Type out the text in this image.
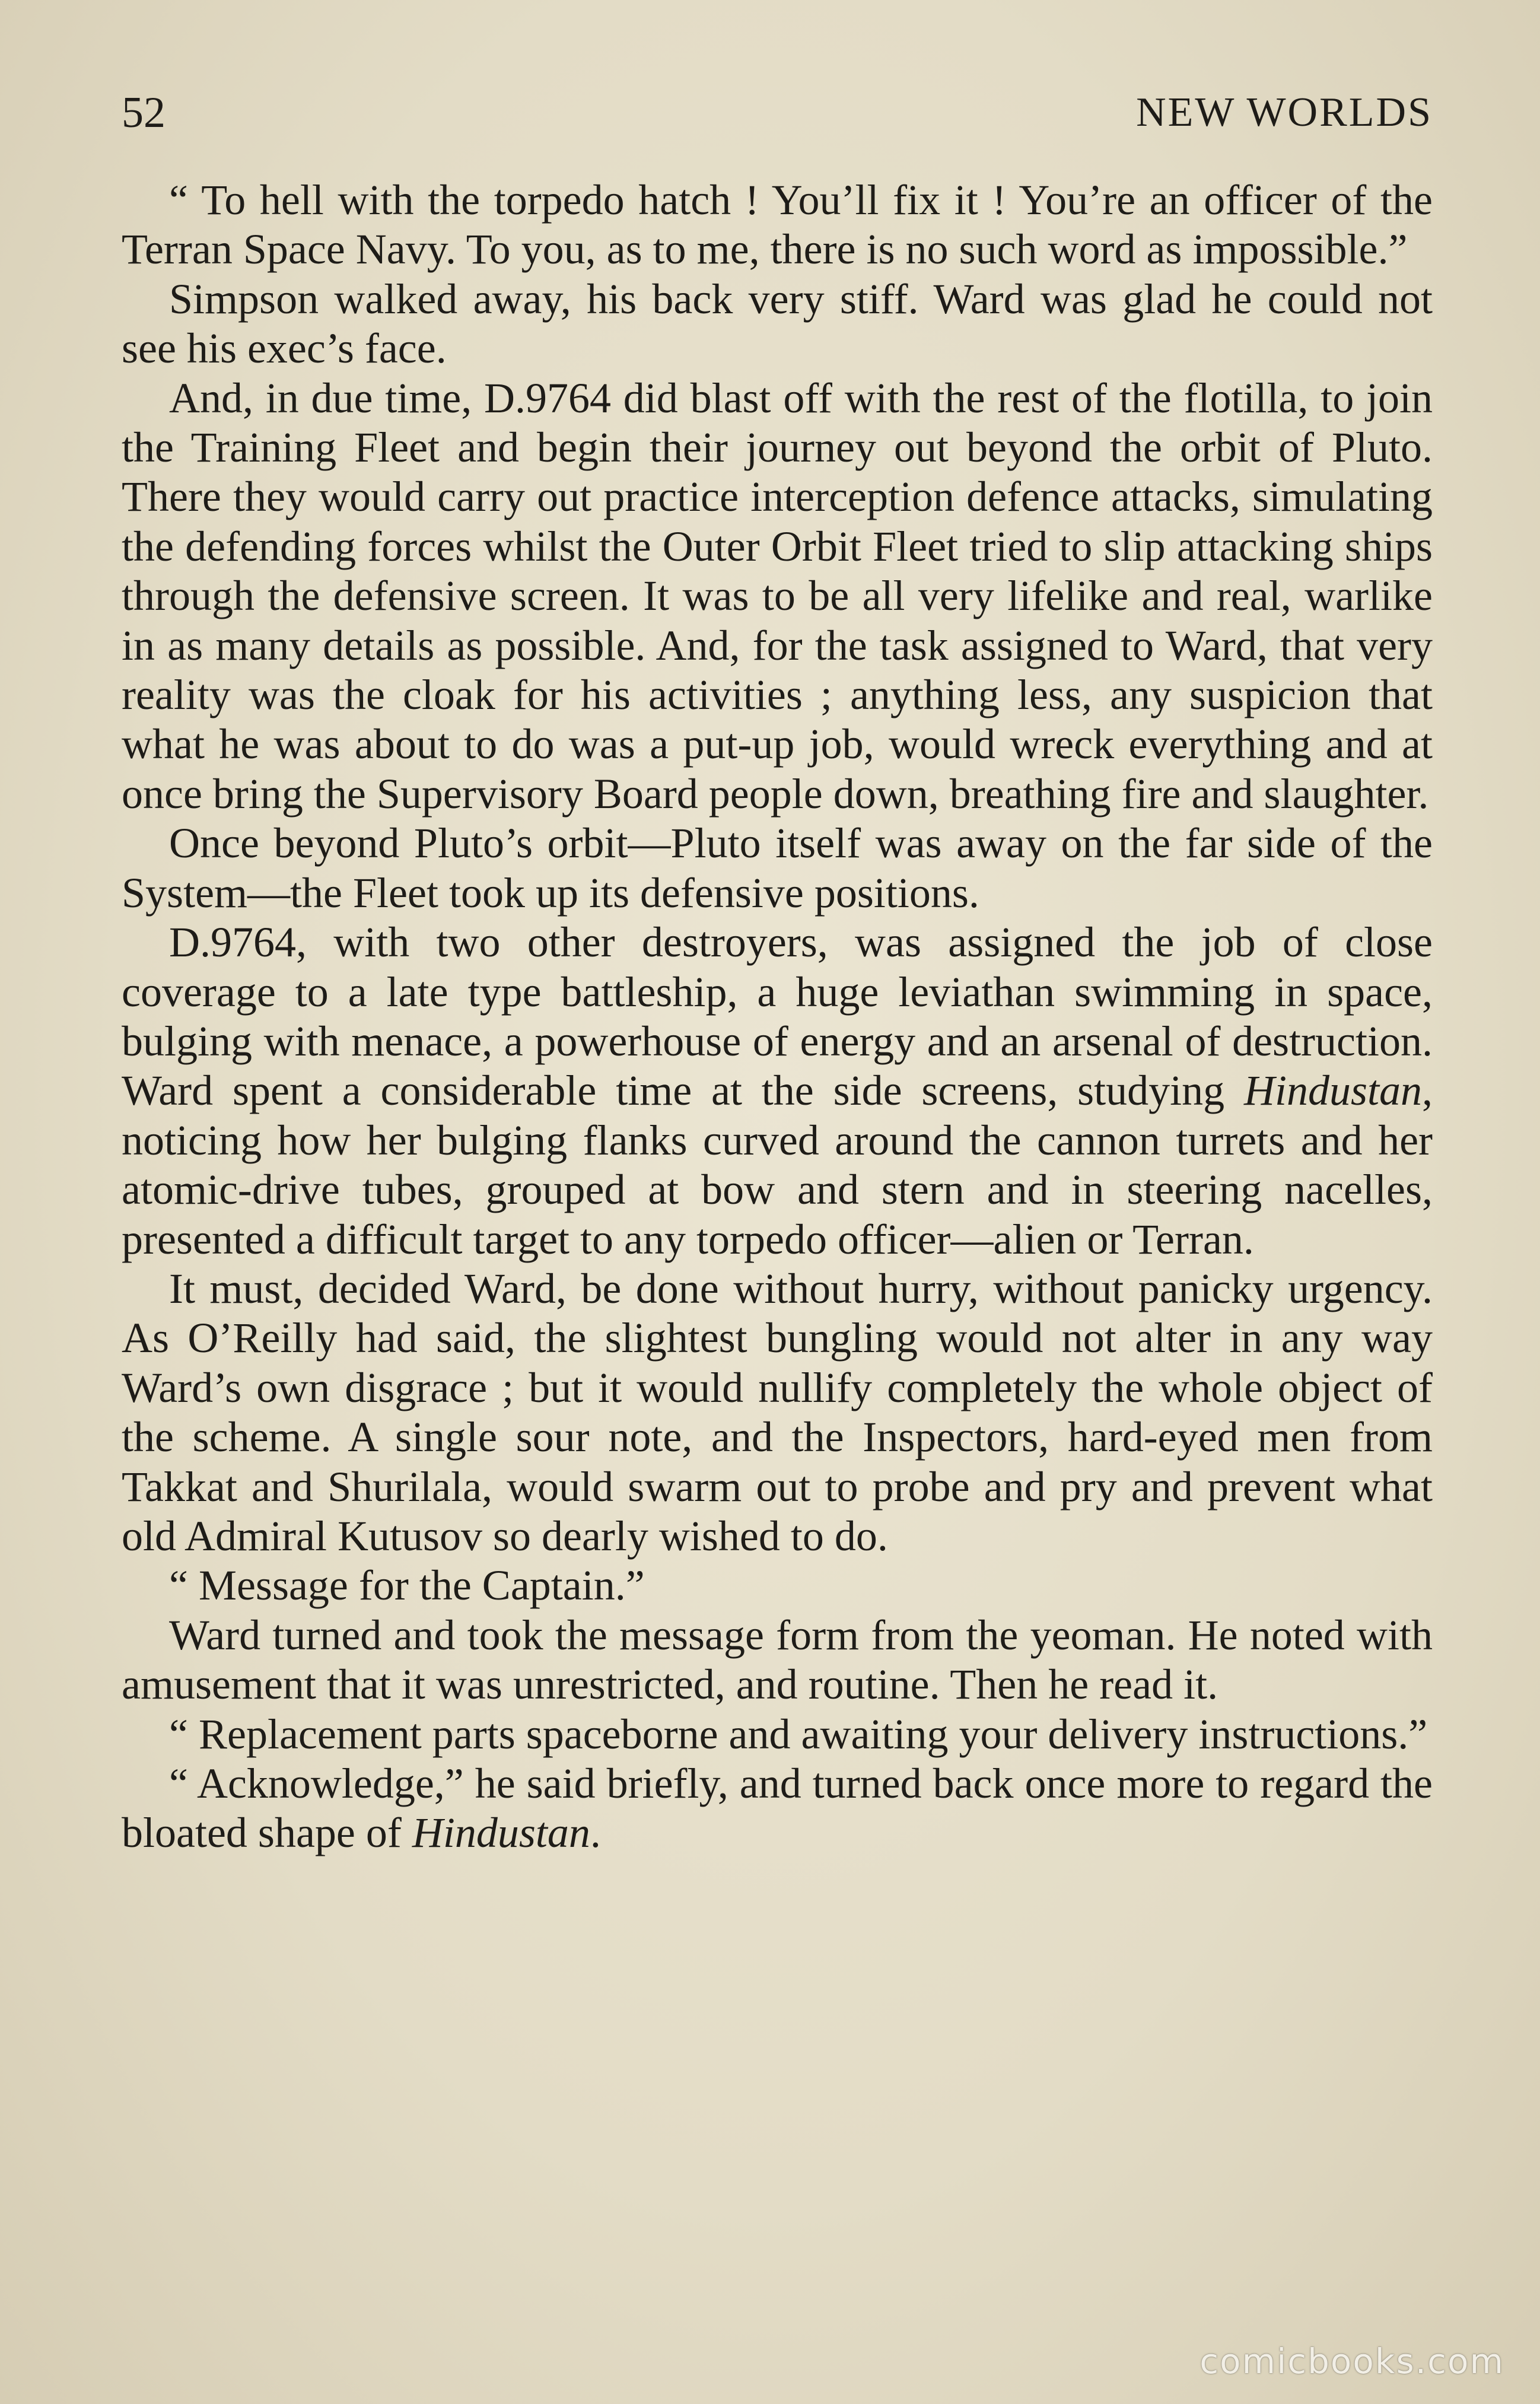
52	NEW WORLDS

“ To hell with the torpedo hatch ! You’ll fix it ! You’re an officer of the Terran Space Navy. To you, as to me, there is no such word as impossible.”

Simpson walked away, his back very stiff. Ward was glad he could not see his exec’s face.

And, in due time, D.9764 did blast off with the rest of the flotilla, to join the Training Fleet and begin their journey out beyond the orbit of Pluto. There they would carry out practice interception defence attacks, simulating the defending forces whilst the Outer Orbit Fleet tried to slip attacking ships through the defensive screen. It was to be all very lifelike and real, warlike in as many details as possible. And, for the task assigned to Ward, that very reality was the cloak for his activities ; anything less, any suspicion that what he was about to do was a put-up job, would wreck everything and at once bring the Supervisory Board people down, breathing fire and slaughter.

Once beyond Pluto’s orbit—Pluto itself was away on the far side of the System—the Fleet took up its defensive positions.

D.9764, with two other destroyers, was assigned the job of close coverage to a late type battleship, a huge leviathan swimming in space, bulging with menace, a powerhouse of energy and an arsenal of destruction. Ward spent a considerable time at the side screens, studying Hindustan, noticing how her bulging flanks curved around the cannon turrets and her atomic-drive tubes, grouped at bow and stern and in steering nacelles, presented a difficult target to any torpedo officer—alien or Terran.

It must, decided Ward, be done without hurry, without panicky urgency. As O’Reilly had said, the slightest bungling would not alter in any way Ward’s own disgrace ; but it would nullify completely the whole object of the scheme. A single sour note, and the Inspectors, hard-eyed men from Takkat and Shurilala, would swarm out to probe and pry and prevent what old Admiral Kutusov so dearly wished to do.

“ Message for the Captain.”

Ward turned and took the message form from the yeoman. He noted with amusement that it was unrestricted, and routine. Then he read it.

“ Replacement parts spaceborne and awaiting your delivery instructions.”

“ Acknowledge,” he said briefly, and turned back once more to regard the bloated shape of Hindustan.

comicbooks.com
